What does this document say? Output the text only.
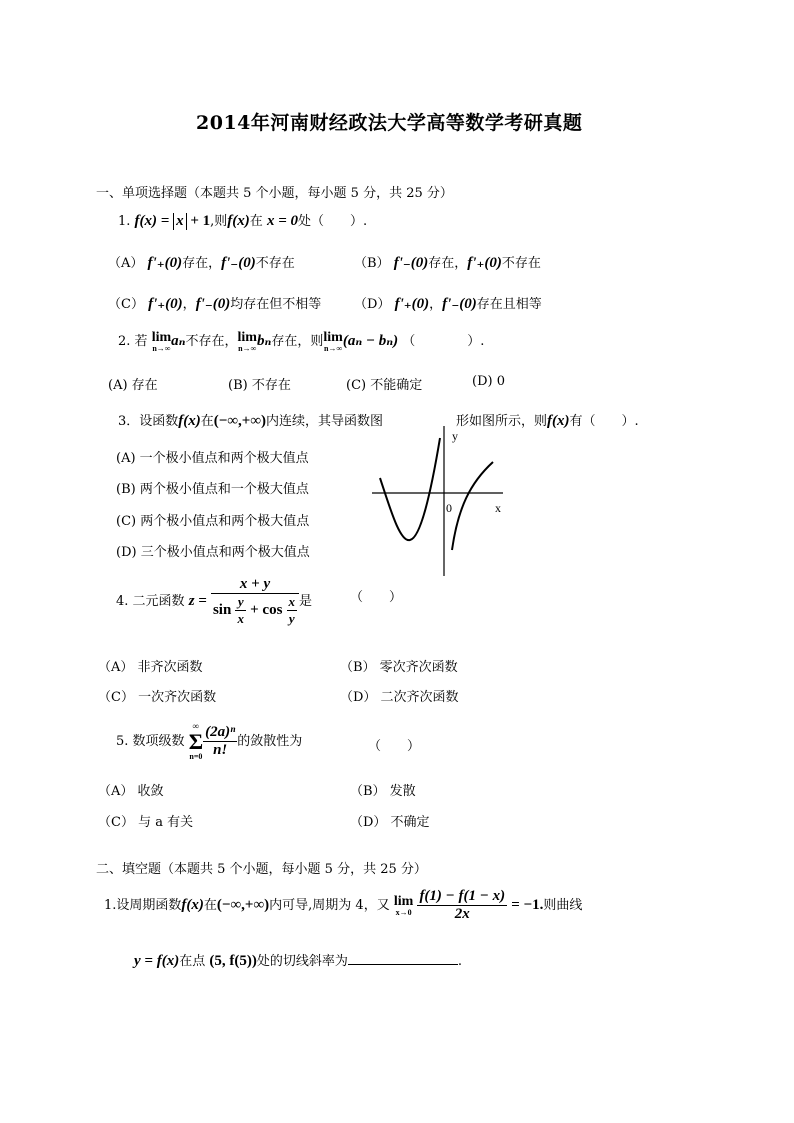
2014年河南财经政法大学高等数学考研真题
一、单项选择题（本题共 5 个小题，每小题 5 分，共 25 分）
1. f(x) = x + 1,则f(x)在 x = 0处（　　）.
（A） f'₊(0)存在，f'₋(0)不存在	（B） f'₋(0)存在，f'₊(0)不存在
（C） f'₊(0)，f'₋(0)均存在但不相等	（D） f'₊(0)，f'₋(0)存在且相等
2. 若 lim
n→∞ aₙ不存在， lim
n→∞ bₙ存在，则 lim
n→∞ (aₙ − bₙ) （　　　　）.
(A) 存在	(B) 不存在	(C) 不能确定	(D) 0
3．设函数f(x)在(−∞,+∞)内连续，其导函数图	形如图所示，则f(x)有（　　）.
(A) 一个极小值点和两个极大值点
(B) 两个极小值点和一个极大值点
(C) 两个极小值点和两个极大值点
(D) 三个极小值点和两个极大值点
y
x
0
4. 二元函数 $z = \frac{x + y}{\sin \frac{y}{x} + \cos \frac{x}{y}}$ 是	（　　）
（A） 非齐次函数	（B） 零次齐次函数
（C） 一次齐次函数	（D） 二次齐次函数
5. 数项级数
∞
Σ
$n=0 \frac{\text{(2a)ⁿ}}{n!}$ 的敛散性为	（　　）
（A） 收敛	（B） 发散
（C） 与 a 有关	（D） 不确定
二、填空题（本题共 5 个小题，每小题 5 分，共 25 分）
1.设周期函数f(x)在(−∞,+∞)内可导,周期为 4，又 lim
x→0
$\frac{f(1) - f(1 - x)}{2x} = -1$.则曲线
y = f(x)在点 (5, f(5))处的切线斜率为	.
